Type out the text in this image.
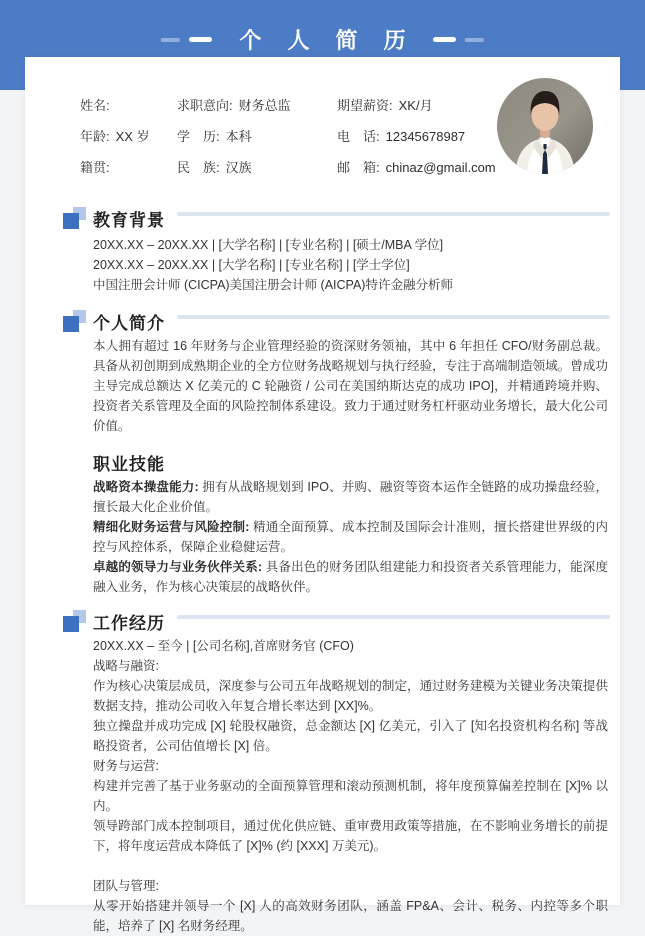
个 人 简 历
姓名:	求职意向: 财务总监	期望薪资: XK/月
年龄: XX 岁	学　历: 本科	电　话: 12345678987
籍贯:	民　族: 汉族	邮　箱: chinaz@gmail.com
教育背景
20XX.XX – 20XX.XX | [大学名称] | [专业名称] | [硕士/MBA 学位]
20XX.XX – 20XX.XX | [大学名称] | [专业名称] | [学士学位]
中国注册会计师 (CICPA)美国注册会计师 (AICPA)特许金融分析师
个人简介
本人拥有超过 16 年财务与企业管理经验的资深财务领袖，其中 6 年担任 CFO/财务副总裁。具备从初创期到成熟期企业的全方位财务战略规划与执行经验，专注于高端制造领域。曾成功主导完成总额达 X 亿美元的 C 轮融资 / 公司在美国纳斯达克的成功 IPO]，并精通跨境并购、投资者关系管理及全面的风险控制体系建设。致力于通过财务杠杆驱动业务增长，最大化公司价值。
职业技能
战略资本操盘能力: 拥有从战略规划到 IPO、并购、融资等资本运作全链路的成功操盘经验，擅长最大化企业价值。
精细化财务运营与风险控制: 精通全面预算、成本控制及国际会计准则，擅长搭建世界级的内控与风控体系，保障企业稳健运营。
卓越的领导力与业务伙伴关系: 具备出色的财务团队组建能力和投资者关系管理能力，能深度融入业务，作为核心决策层的战略伙伴。
工作经历
20XX.XX – 至今 | [公司名称],首席财务官 (CFO)
战略与融资:
作为核心决策层成员，深度参与公司五年战略规划的制定，通过财务建模为关键业务决策提供数据支持，推动公司收入年复合增长率达到 [XX]%。
独立操盘并成功完成 [X] 轮股权融资，总金额达 [X] 亿美元，引入了 [知名投资机构名称] 等战略投资者，公司估值增长 [X] 倍。
财务与运营:
构建并完善了基于业务驱动的全面预算管理和滚动预测机制，将年度预算偏差控制在 [X]% 以内。
领导跨部门成本控制项目，通过优化供应链、重审费用政策等措施，在不影响业务增长的前提下，将年度运营成本降低了 [X]% (约 [XXX] 万美元)。
团队与管理:
从零开始搭建并领导一个 [X] 人的高效财务团队，涵盖 FP&A、会计、税务、内控等多个职能，培养了 [X] 名财务经理。
